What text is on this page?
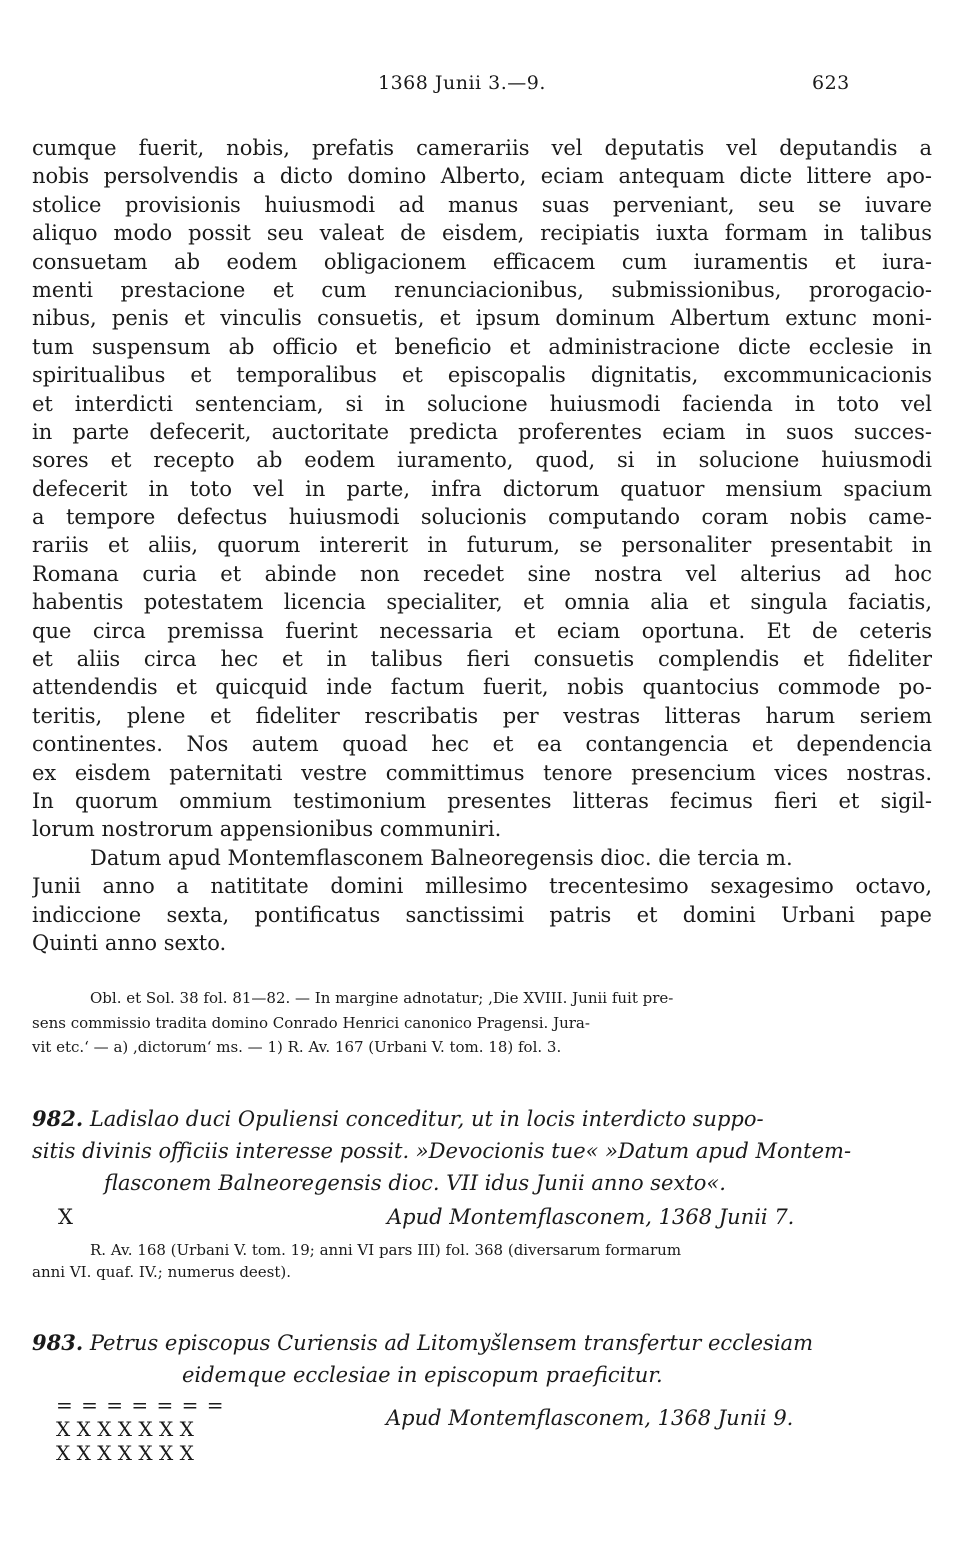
1368 Junii 3.—9.	623
cumque fuerit, nobis, prefatis camerariis vel deputatis vel deputandis a
nobis persolvendis a dicto domino Alberto, eciam antequam dicte littere apo-
stolice provisionis huiusmodi ad manus suas perveniant, seu se iuvare
aliquo modo possit seu valeat de eisdem, recipiatis iuxta formam in talibus
consuetam ab eodem obligacionem efficacem cum iuramentis et iura-
menti prestacione et cum renunciacionibus, submissionibus, prorogacio-
nibus, penis et vinculis consuetis, et ipsum dominum Albertum extunc moni-
tum suspensum ab officio et beneficio et administracione dicte ecclesie in
spiritualibus et temporalibus et episcopalis dignitatis, excommunicacionis
et interdicti sentenciam, si in solucione huiusmodi facienda in toto vel
in parte defecerit, auctoritate predicta proferentes eciam in suos succes-
sores et recepto ab eodem iuramento, quod, si in solucione huiusmodi
defecerit in toto vel in parte, infra dictorum quatuor mensium spacium
a tempore defectus huiusmodi solucionis computando coram nobis came-
rariis et aliis, quorum intererit in futurum, se personaliter presentabit in
Romana curia et abinde non recedet sine nostra vel alterius ad hoc
habentis potestatem licencia specialiter, et omnia alia et singula faciatis,
que circa premissa fuerint necessaria et eciam oportuna. Et de ceteris
et aliis circa hec et in talibus fieri consuetis complendis et fideliter
attendendis et quicquid inde factum fuerit, nobis quantocius commode po-
teritis, plene et fideliter rescribatis per vestras litteras harum seriem
continentes. Nos autem quoad hec et ea contangencia et dependencia
ex eisdem paternitati vestre committimus tenore presencium vices nostras.
In quorum ommium testimonium presentes litteras fecimus fieri et sigil-
lorum nostrorum appensionibus communiri.
Datum apud Montemflasconem Balneoregensis dioc. die tercia m.
Junii anno a natititate domini millesimo trecentesimo sexagesimo octavo,
indiccione sexta, pontificatus sanctissimi patris et domini Urbani pape
Quinti anno sexto.
Obl. et Sol. 38 fol. 81—82. — In margine adnotatur; ,Die XVIII. Junii fuit pre-
sens commissio tradita domino Conrado Henrici canonico Pragensi. Jura-
vit etc.‘ — a) ,dictorum‘ ms. — 1) R. Av. 167 (Urbani V. tom. 18) fol. 3.
982. Ladislao duci Opuliensi conceditur, ut in locis interdicto suppo-
sitis divinis officiis interesse possit. »Devocionis tue« »Datum apud Montem-
flasconem Balneoregensis dioc. VII idus Junii anno sexto«.
X	Apud Montemflasconem, 1368 Junii 7.
R. Av. 168 (Urbani V. tom. 19; anni VI pars III) fol. 368 (diversarum formarum
anni VI. quaf. IV.; numerus deest).
983. Petrus episcopus Curiensis ad Litomyšlensem transfertur ecclesiam
eidemque ecclesiae in episcopum praeficitur.
= = = = = = =
X X X X X X X
X X X X X X X
Apud Montemflasconem, 1368 Junii 9.
